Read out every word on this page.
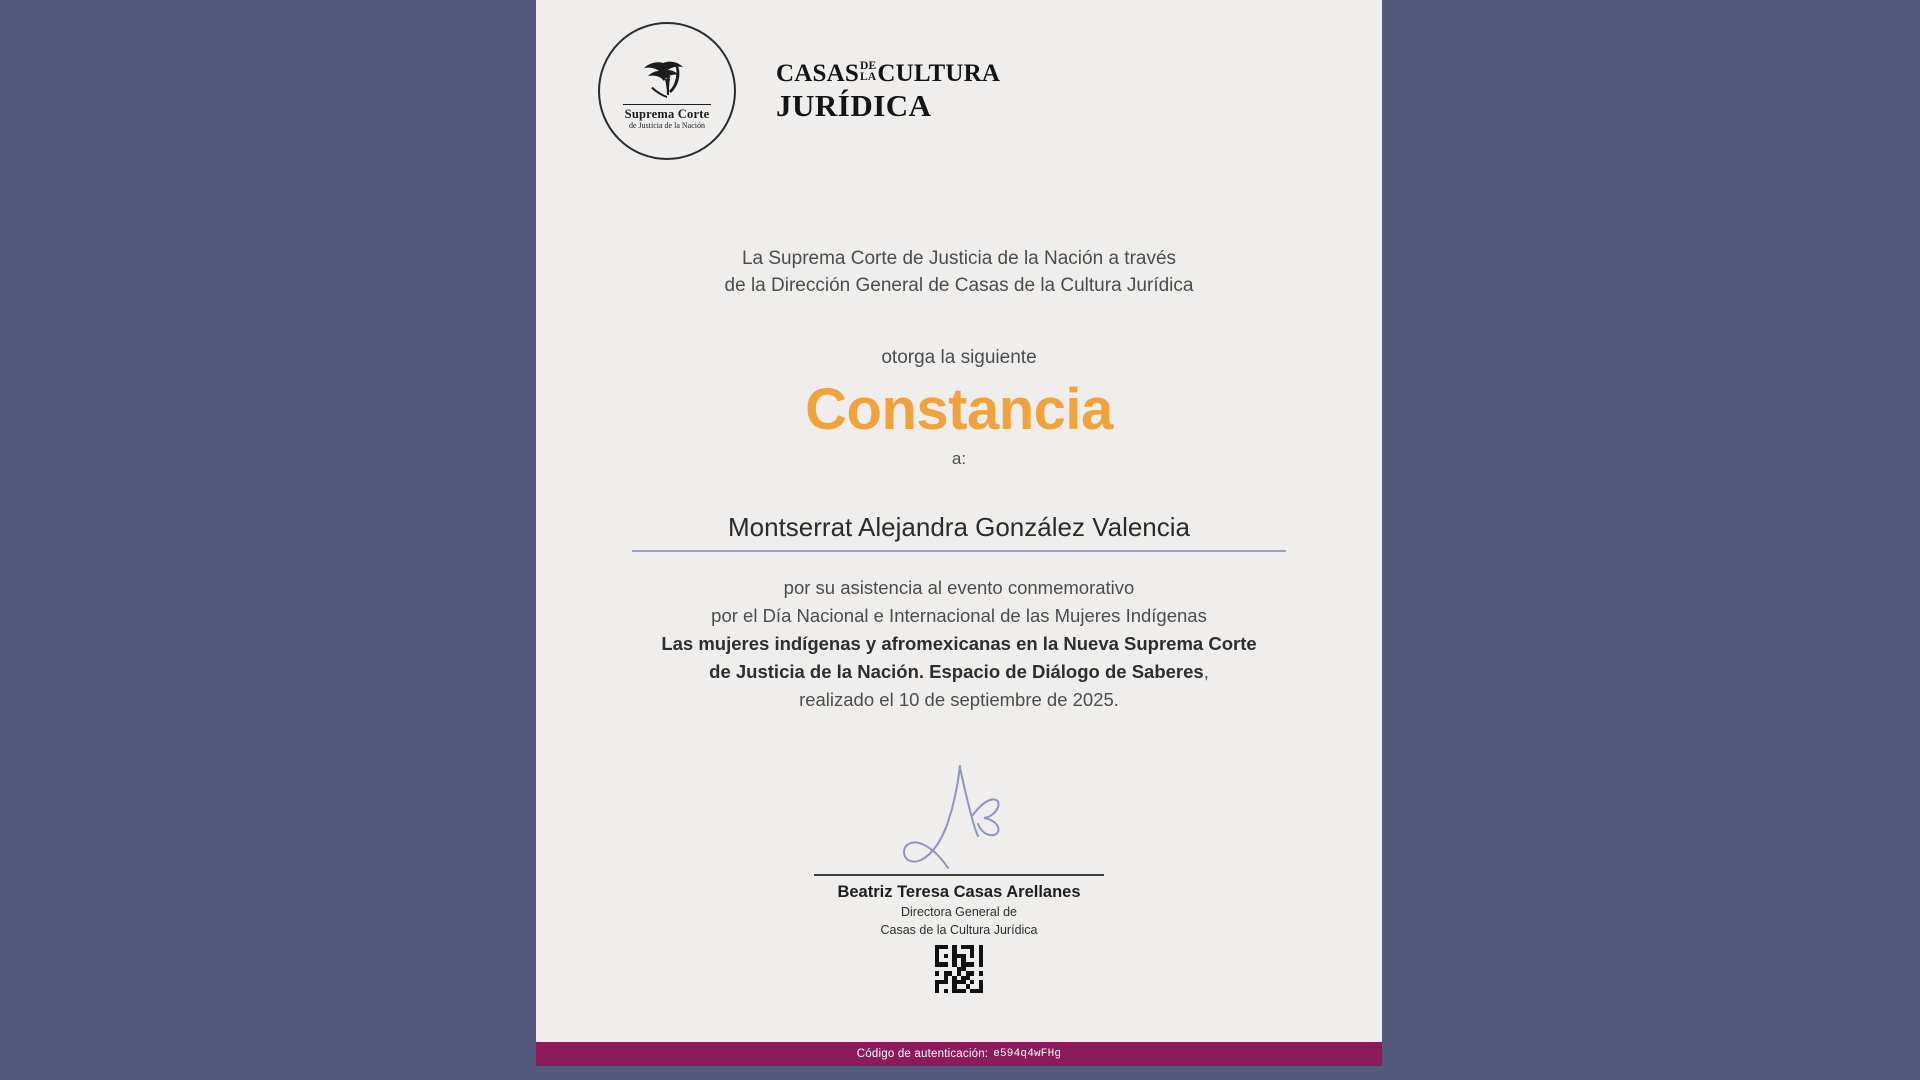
Suprema Corte
de Justicia de la Nación
CASASDE
LACULTURA
JURÍDICA
La Suprema Corte de Justicia de la Nación a través
de la Dirección General de Casas de la Cultura Jurídica
otorga la siguiente
Constancia
a:
Montserrat Alejandra González Valencia
por su asistencia al evento conmemorativo
por el Día Nacional e Internacional de las Mujeres Indígenas
Las mujeres indígenas y afromexicanas en la Nueva Suprema Corte
de Justicia de la Nación. Espacio de Diálogo de Saberes,
realizado el 10 de septiembre de 2025.
Beatriz Teresa Casas Arellanes
Directora General de
Casas de la Cultura Jurídica
Código de autenticación: e594q4wFHg
